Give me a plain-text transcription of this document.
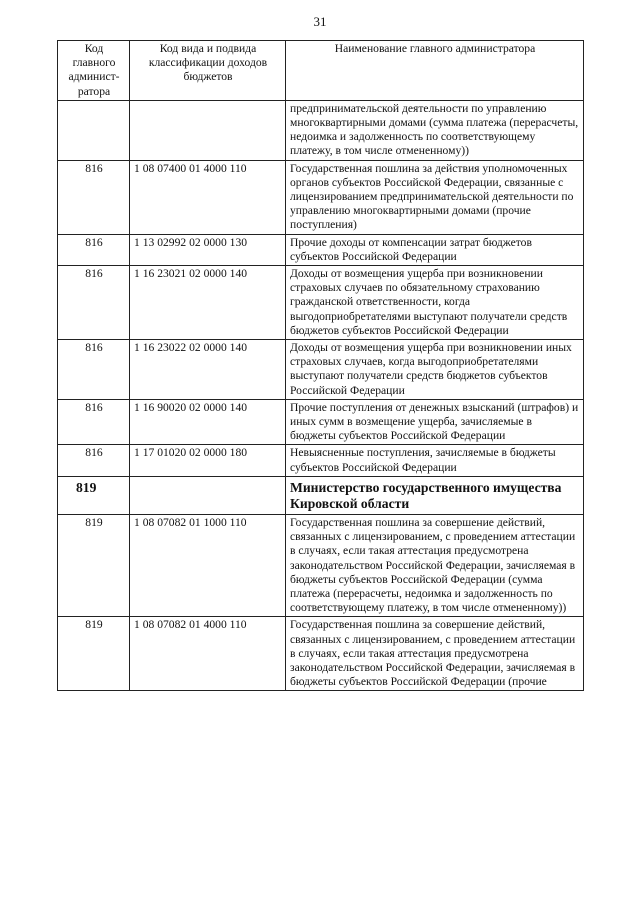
31
Код главного админист-ратора	Код вида и подвида классификации доходов бюджетов	Наименование главного администратора
		предпринимательской деятельности по управлению многоквартирными домами (сумма платежа (перерасчеты, недоимка и задолженность по соответствующему платежу, в том числе отмененному))
816	1 08 07400 01 4000 110	Государственная пошлина за действия уполномоченных органов субъектов Российской Федерации, связанные с лицензированием предпринимательской деятельности по управлению многоквартирными домами (прочие поступления)
816	1 13 02992 02 0000 130	Прочие доходы от компенсации затрат бюджетов субъектов Российской Федерации
816	1 16 23021 02 0000 140	Доходы от возмещения ущерба при возникновении страховых случаев по обязательному страхованию гражданской ответственности, когда выгодоприобретателями выступают получатели средств бюджетов субъектов Российской Федерации
816	1 16 23022 02 0000 140	Доходы от возмещения ущерба при возникновении иных страховых случаев, когда выгодоприобретателями выступают получатели средств бюджетов субъектов Российской Федерации
816	1 16 90020 02 0000 140	Прочие поступления от денежных взысканий (штрафов) и иных сумм в возмещение ущерба, зачисляемые в бюджеты субъектов Российской Федерации
816	1 17 01020 02 0000 180	Невыясненные поступления, зачисляемые в бюджеты субъектов Российской Федерации
819		Министерство государственного имущества Кировской области
819	1 08 07082 01 1000 110	Государственная пошлина за совершение действий, связанных с лицензированием, с проведением аттестации в случаях, если такая аттестация предусмотрена законодательством Российской Федерации, зачисляемая в бюджеты субъектов Российской Федерации (сумма платежа (перерасчеты, недоимка и задолженность по соответствующему платежу, в том числе отмененному))
819	1 08 07082 01 4000 110	Государственная пошлина за совершение действий, связанных с лицензированием, с проведением аттестации в случаях, если такая аттестация предусмотрена законодательством Российской Федерации, зачисляемая в бюджеты субъектов Российской Федерации (прочие
